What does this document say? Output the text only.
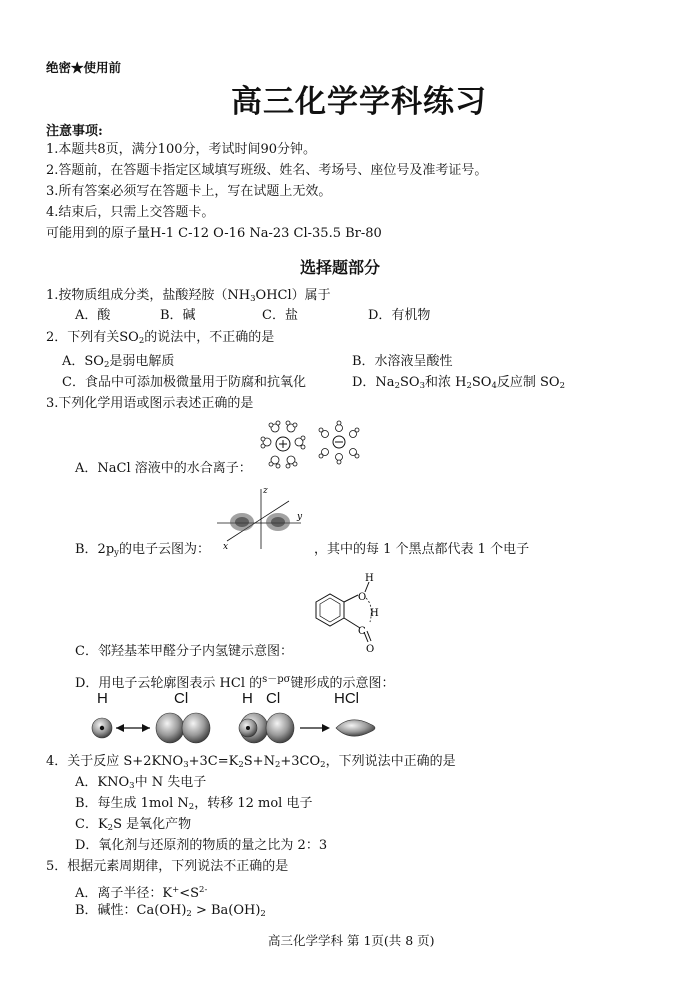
绝密★使用前
高三化学学科练习
注意事项:
1.本题共8页，满分100分，考试时间90分钟。
2.答题前，在答题卡指定区域填写班级、姓名、考场号、座位号及准考证号。
3.所有答案必须写在答题卡上，写在试题上无效。
4.结束后，只需上交答题卡。
可能用到的原子量H-1 C-12 O-16 Na-23 Cl-35.5 Br-80
选择题部分
1.按物质组成分类，盐酸羟胺$(NH_3OHCl)$属于
A．酸	B．碱	C．盐	D．有机物
2．下列有关$SO_2$的说法中，不正确的是
A．$SO_2$是弱电解质	B．水溶液呈酸性
C．食品中可添加极微量用于防腐和抗氧化	D．$Na_2SO_3$和浓 $H_2SO_4$反应制 $SO_2$
3.下列化学用语或图示表述正确的是
A．NaCl 溶液中的水合离子：
z
y
x
B．$2p_y$的电子云图为：	，其中的每 1 个黑点都代表 1 个电子
H
O
H
C
O
C．邻羟基苯甲醛分子内氢键示意图：
D．用电子云轮廓图表示 HCl 的$^{s-p\sigma}$键形成的示意图：
H	Cl	H Cl	HCl
4．关于反应 $S+2KNO_3+3C=K_2S+N_2+3CO_2$，下列说法中正确的是
A．$KNO_3$中 N 失电子
B．每生成 1mol $N_2$，转移 12 mol 电子
C．$K_2S$ 是氧化产物
D．氧化剂与还原剂的物质的量之比为 2：3
5．根据元素周期律，下列说法不正确的是
A．离子半径：$K^+<S^{2-}$
B．碱性：$Ca(OH)_2 > Ba(OH)_2$
高三化学学科 第 1页(共 8 页)
